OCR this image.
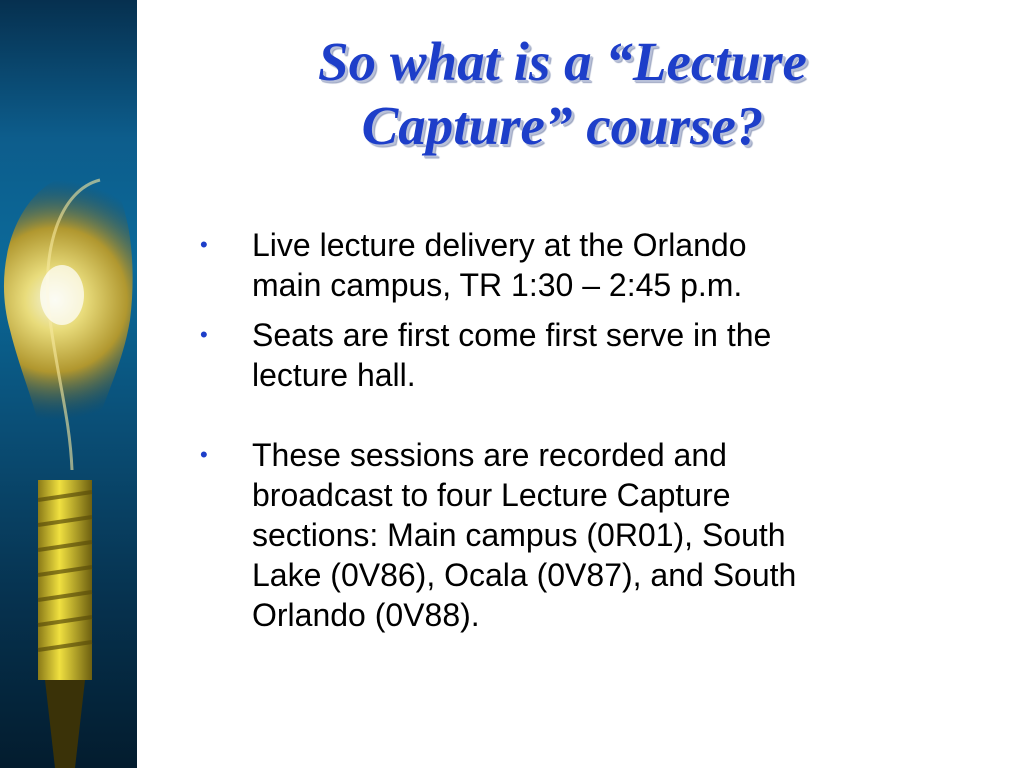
So what is a “Lecture
Capture” course?
• Live lecture delivery at the Orlando
main campus, TR 1:30 – 2:45 p.m.
• Seats are first come first serve in the
lecture hall.
• These sessions are recorded and
broadcast to four Lecture Capture
sections: Main campus (0R01), South
Lake (0V86), Ocala (0V87), and South
Orlando (0V88).
